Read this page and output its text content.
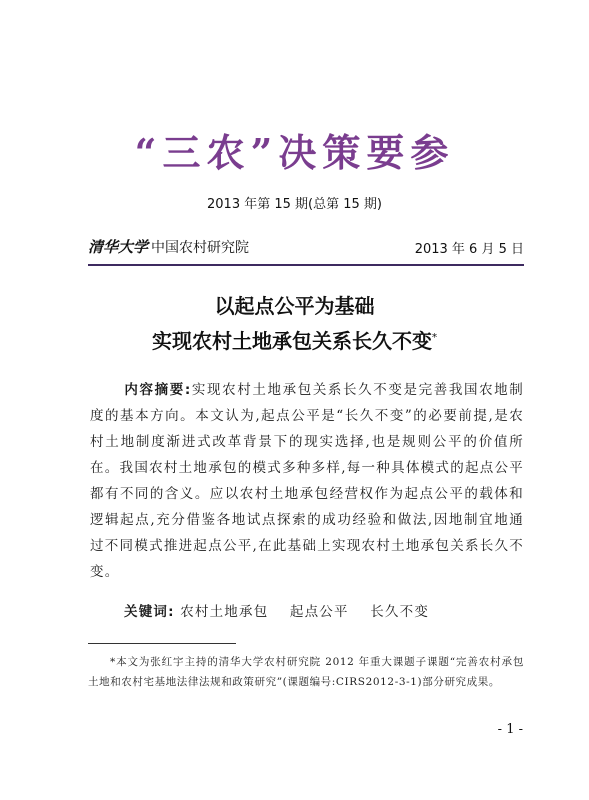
“三农”决策要参
2013 年第 15 期(总第 15 期)
清华大学 中国农村研究院	2013 年 6 月 5 日
以起点公平为基础
实现农村土地承包关系长久不变*
内容摘要:实现农村土地承包关系长久不变是完善我国农地制度的基本方向。本文认为,起点公平是“长久不变”的必要前提,是农村土地制度渐进式改革背景下的现实选择,也是规则公平的价值所在。我国农村土地承包的模式多种多样,每一种具体模式的起点公平都有不同的含义。应以农村土地承包经营权作为起点公平的载体和逻辑起点,充分借鉴各地试点探索的成功经验和做法,因地制宜地通过不同模式推进起点公平,在此基础上实现农村土地承包关系长久不变。
关键词: 农村土地承包 起点公平 长久不变
*本文为张红宇主持的清华大学农村研究院 2012 年重大课题子课题“完善农村承包土地和农村宅基地法律法规和政策研究”(课题编号:CIRS2012-3-1)部分研究成果。
- 1 -
